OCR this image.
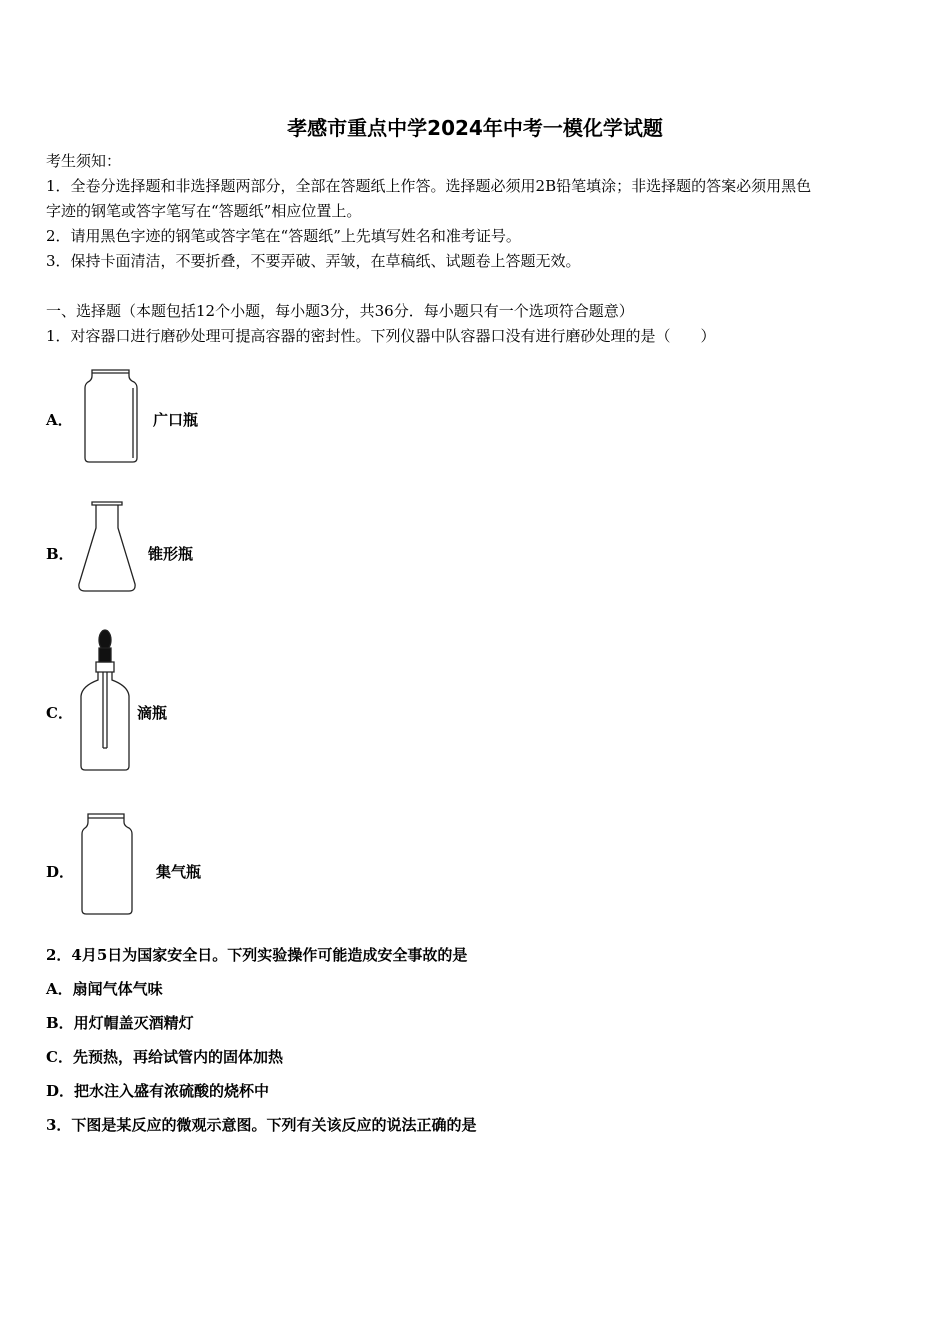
孝感市重点中学2024年中考一模化学试题
考生须知：
1．全卷分选择题和非选择题两部分，全部在答题纸上作答。选择题必须用2B铅笔填涂；非选择题的答案必须用黑色
字迹的钢笔或答字笔写在“答题纸”相应位置上。
2．请用黑色字迹的钢笔或答字笔在“答题纸”上先填写姓名和准考证号。
3．保持卡面清洁，不要折叠，不要弄破、弄皱，在草稿纸、试题卷上答题无效。
一、选择题（本题包括12个小题，每小题3分，共36分．每小题只有一个选项符合题意）
1．对容器口进行磨砂处理可提高容器的密封性。下列仪器中队容器口没有进行磨砂处理的是（　　）
A．	广口瓶
B．	锥形瓶
C．	滴瓶
D．	集气瓶
2．4月5日为国家安全日。下列实验操作可能造成安全事故的是
A．扇闻气体气味
B．用灯帽盖灭酒精灯
C．先预热，再给试管内的固体加热
D．把水注入盛有浓硫酸的烧杯中
3．下图是某反应的微观示意图。下列有关该反应的说法正确的是
